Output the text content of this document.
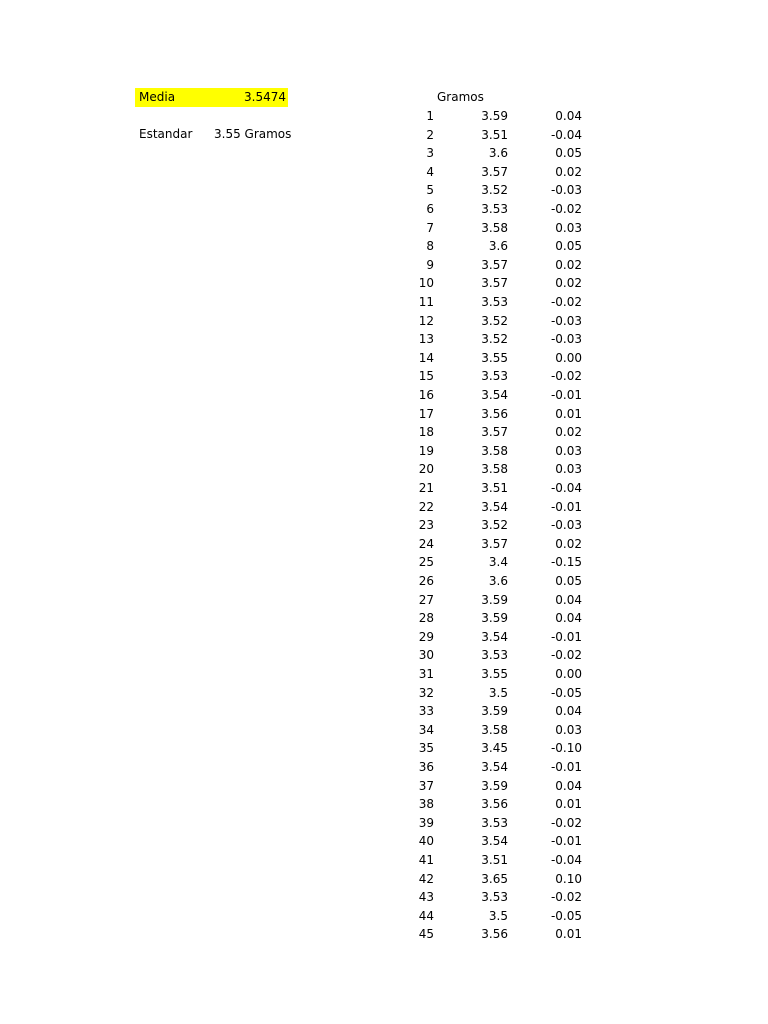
Media	3.5474
Estandar 3.55 Gramos
Gramos
1	3.59	0.04
2	3.51	-0.04
3	3.6	0.05
4	3.57	0.02
5	3.52	-0.03
6	3.53	-0.02
7	3.58	0.03
8	3.6	0.05
9	3.57	0.02
10	3.57	0.02
11	3.53	-0.02
12	3.52	-0.03
13	3.52	-0.03
14	3.55	0.00
15	3.53	-0.02
16	3.54	-0.01
17	3.56	0.01
18	3.57	0.02
19	3.58	0.03
20	3.58	0.03
21	3.51	-0.04
22	3.54	-0.01
23	3.52	-0.03
24	3.57	0.02
25	3.4	-0.15
26	3.6	0.05
27	3.59	0.04
28	3.59	0.04
29	3.54	-0.01
30	3.53	-0.02
31	3.55	0.00
32	3.5	-0.05
33	3.59	0.04
34	3.58	0.03
35	3.45	-0.10
36	3.54	-0.01
37	3.59	0.04
38	3.56	0.01
39	3.53	-0.02
40	3.54	-0.01
41	3.51	-0.04
42	3.65	0.10
43	3.53	-0.02
44	3.5	-0.05
45	3.56	0.01
